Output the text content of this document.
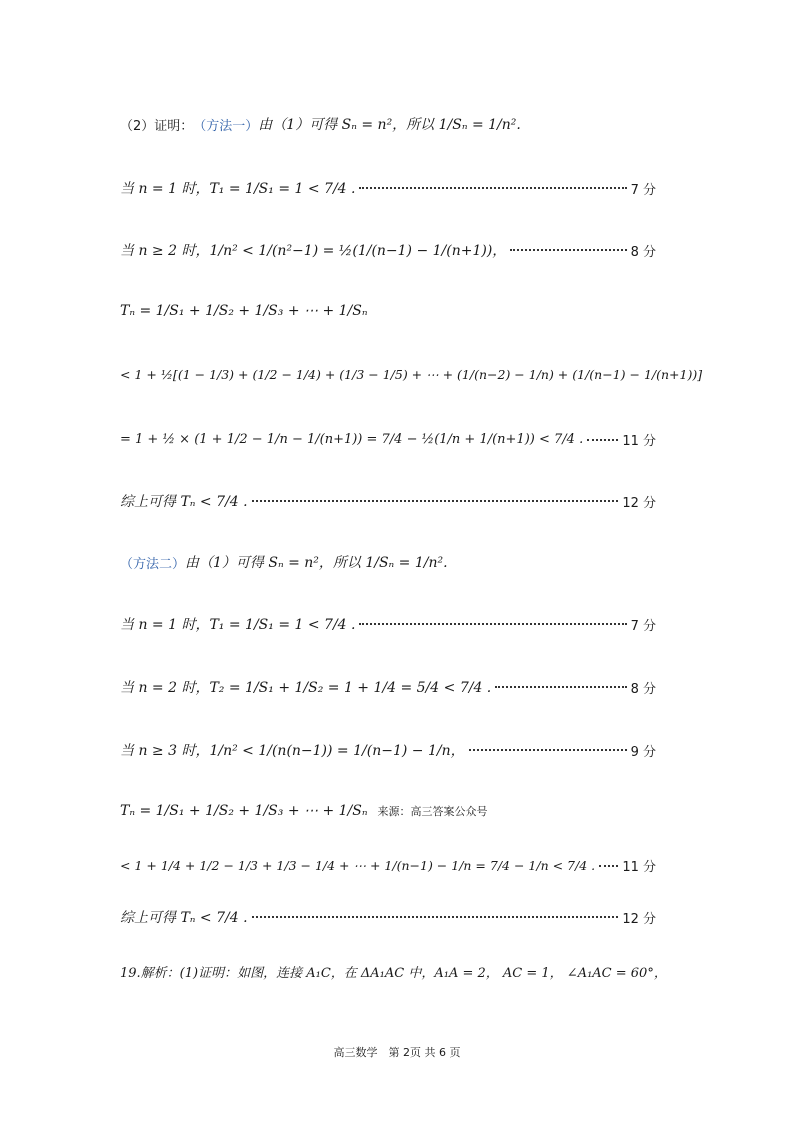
（2）证明： （方法一） 由（1）可得 Sₙ = n²，所以 1/Sₙ = 1/n².
当 n = 1 时，T₁ = 1/S₁ = 1 < 7/4 .	7 分
当 n ≥ 2 时，1/n² < 1/(n²−1) = ½(1/(n−1) − 1/(n+1))，	8 分
Tₙ = 1/S₁ + 1/S₂ + 1/S₃ + ⋯ + 1/Sₙ
< 1 + ½[(1 − 1/3) + (1/2 − 1/4) + (1/3 − 1/5) + ⋯ + (1/(n−2) − 1/n) + (1/(n−1) − 1/(n+1))]
= 1 + ½ × (1 + 1/2 − 1/n − 1/(n+1)) = 7/4 − ½(1/n + 1/(n+1)) < 7/4 .	11 分
综上可得 Tₙ < 7/4 .	12 分
（方法二） 由（1）可得 Sₙ = n²，所以 1/Sₙ = 1/n².
当 n = 1 时，T₁ = 1/S₁ = 1 < 7/4 .	7 分
当 n = 2 时，T₂ = 1/S₁ + 1/S₂ = 1 + 1/4 = 5/4 < 7/4 .	8 分
当 n ≥ 3 时，1/n² < 1/(n(n−1)) = 1/(n−1) − 1/n，	9 分
Tₙ = 1/S₁ + 1/S₂ + 1/S₃ + ⋯ + 1/Sₙ 来源：高三答案公众号
< 1 + 1/4 + 1/2 − 1/3 + 1/3 − 1/4 + ⋯ + 1/(n−1) − 1/n = 7/4 − 1/n < 7/4 . 11 分
综上可得 Tₙ < 7/4 .	12 分
19.解析：(1)证明：如图，连接 A₁C，在 ΔA₁AC 中，A₁A = 2， AC = 1， ∠A₁AC = 60°，
高三数学　第 2页 共 6 页
